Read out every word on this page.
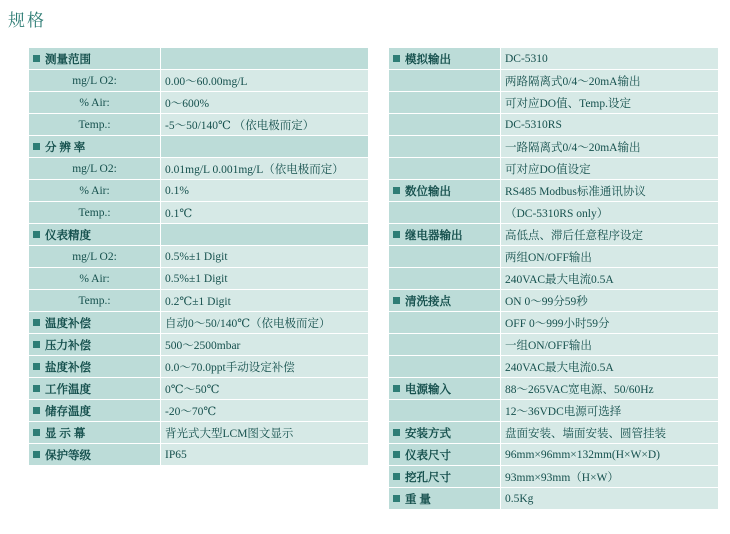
规格
测量范围	
mg/L O2:	0.00～60.00mg/L
% Air:	0～600%
Temp.:	-5～50/140℃ （依电极而定）
分 辨 率	
mg/L O2:	0.01mg/L 0.001mg/L（依电极而定）
% Air:	0.1%
Temp.:	0.1℃
仪表精度	
mg/L O2:	0.5%±1 Digit
% Air:	0.5%±1 Digit
Temp.:	0.2℃±1 Digit
温度补偿	自动0～50/140℃（依电极而定）
压力补偿	500～2500mbar
盐度补偿	0.0～70.0ppt手动设定补偿
工作温度	0℃～50℃
储存温度	-20～70℃
显 示 幕	背光式大型LCM图文显示
保护等级	IP65
模拟输出	DC-5310
	两路隔离式0/4～20mA输出
	可对应DO值、Temp.设定
	DC-5310RS
	一路隔离式0/4～20mA输出
	可对应DO值设定
数位输出	RS485 Modbus标准通讯协议
	（DC-5310RS only）
继电器输出	高低点、滞后任意程序设定
	两组ON/OFF输出
	240VAC最大电流0.5A
清洗接点	ON 0～99分59秒
	OFF 0～999小时59分
	一组ON/OFF输出
	240VAC最大电流0.5A
电源输入	88～265VAC宽电源、50/60Hz
	12～36VDC电源可选择
安装方式	盘面安装、墙面安装、圆管挂装
仪表尺寸	96mm×96mm×132mm(H×W×D)
挖孔尺寸	93mm×93mm（H×W）
重 量	0.5Kg
